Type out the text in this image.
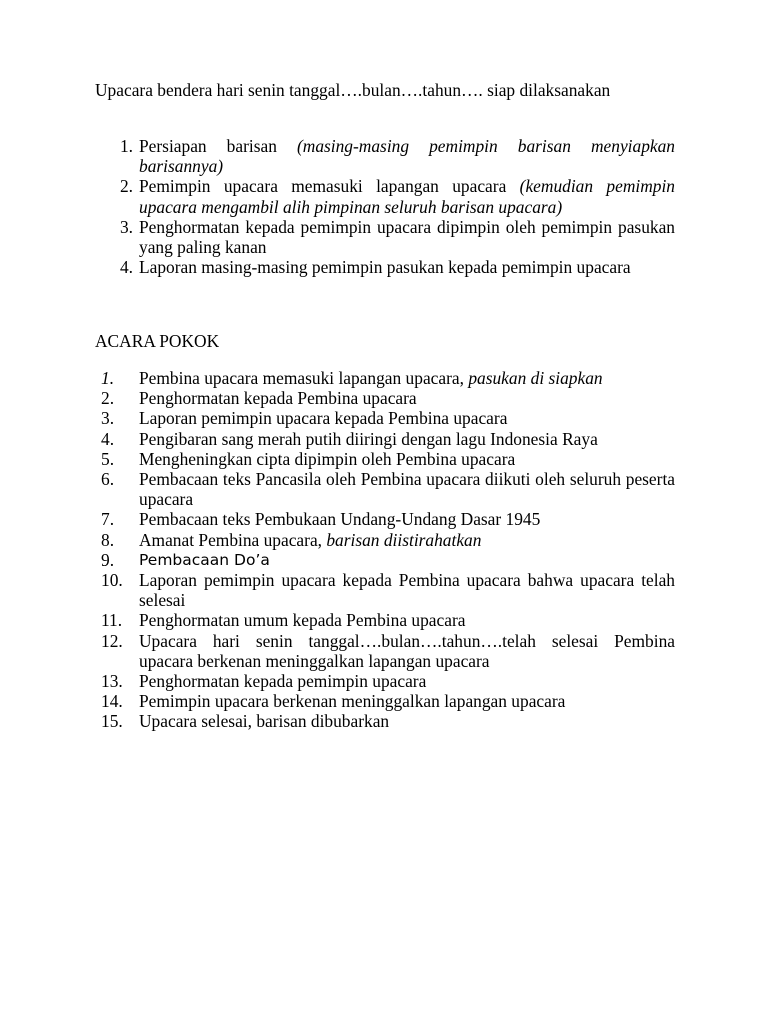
Upacara bendera hari senin tanggal….bulan….tahun…. siap dilaksanakan
1. Persiapan barisan (masing-masing pemimpin barisan menyiapkan barisannya)
2. Pemimpin upacara memasuki lapangan upacara (kemudian pemimpin upacara mengambil alih pimpinan seluruh barisan upacara)
3. Penghormatan kepada pemimpin upacara dipimpin oleh pemimpin pasukan yang paling kanan
4. Laporan masing-masing pemimpin pasukan kepada pemimpin upacara
ACARA POKOK
1.	Pembina upacara memasuki lapangan upacara, pasukan di siapkan
2.	Penghormatan kepada Pembina upacara
3.	Laporan pemimpin upacara kepada Pembina upacara
4.	Pengibaran sang merah putih diiringi dengan lagu Indonesia Raya
5.	Mengheningkan cipta dipimpin oleh Pembina upacara
6.	Pembacaan teks Pancasila oleh Pembina upacara diikuti oleh seluruh peserta upacara
7.	Pembacaan teks Pembukaan Undang-Undang Dasar 1945
8.	Amanat Pembina upacara, barisan diistirahatkan
9.	Pembacaan Do’a
10. Laporan pemimpin upacara kepada Pembina upacara bahwa upacara telah selesai
11. Penghormatan umum kepada Pembina upacara
12. Upacara hari senin tanggal….bulan….tahun….telah selesai Pembina upacara berkenan meninggalkan lapangan upacara
13. Penghormatan kepada pemimpin upacara
14. Pemimpin upacara berkenan meninggalkan lapangan upacara
15. Upacara selesai, barisan dibubarkan
